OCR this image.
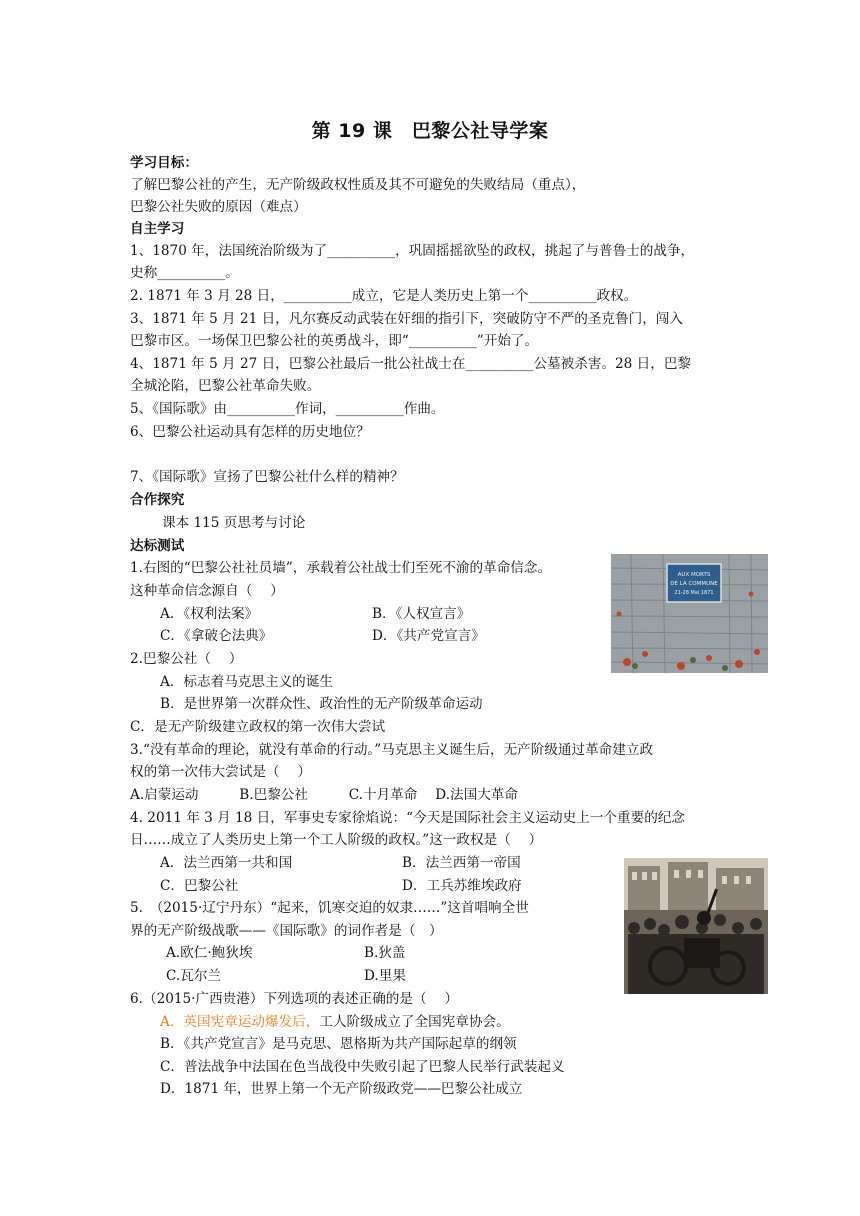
第 19 课　巴黎公社导学案
学习目标：
了解巴黎公社的产生，无产阶级政权性质及其不可避免的失败结局（重点），
巴黎公社失败的原因（难点）
自主学习
1、1870 年，法国统治阶级为了__________，巩固摇摇欲坠的政权，挑起了与普鲁士的战争，
史称__________。
2. 1871 年 3 月 28 日，__________成立，它是人类历史上第一个__________政权。
3、1871 年 5 月 21 日，凡尔赛反动武装在奸细的指引下，突破防守不严的圣克鲁门，闯入
巴黎市区。一场保卫巴黎公社的英勇战斗，即“__________”开始了。
4、1871 年 5 月 27 日，巴黎公社最后一批公社战士在__________公墓被杀害。28 日，巴黎
全城沦陷，巴黎公社革命失败。
5、《国际歌》由__________作词，__________作曲。
6、巴黎公社运动具有怎样的历史地位？
7、《国际歌》宣扬了巴黎公社什么样的精神？
合作探究
课本 115 页思考与讨论
达标测试
1.右图的“巴黎公社社员墙”，承载着公社战士们至死不渝的革命信念。
这种革命信念源自（　 ）
A．《权利法案》	B．《人权宣言》
C．《拿破仑法典》	D．《共产党宣言》
2.巴黎公社（　 ）
A．标志着马克思主义的诞生
B．是世界第一次群众性、政治性的无产阶级革命运动
C．是无产阶级建立政权的第一次伟大尝试
3.“没有革命的理论，就没有革命的行动。”马克思主义诞生后，无产阶级通过革命建立政
权的第一次伟大尝试是（　 ）
A.启蒙运动　　　B.巴黎公社　　　C.十月革命　 D.法国大革命
4. 2011 年 3 月 18 日，军事史专家徐焰说：“今天是国际社会主义运动史上一个重要的纪念
日……成立了人类历史上第一个工人阶级的政权。”这一政权是（　 ）
A．法兰西第一共和国	B．法兰西第一帝国
C．巴黎公社	D．工兵苏维埃政府
5.　（2015·辽宁丹东）“起来，饥寒交迫的奴隶……”这首唱响全世
界的无产阶级战歌——《国际歌》的词作者是（　）
A.欧仁·鲍狄埃	B.狄盖
C.瓦尔兰	D.里果
6.（2015·广西贵港）下列选项的表述正确的是（　 ）
A．英国宪章运动爆发后，工人阶级成立了全国宪章协会。
B．《共产党宣言》是马克思、恩格斯为共产国际起草的纲领
C．普法战争中法国在色当战役中失败引起了巴黎人民举行武装起义
D．1871 年，世界上第一个无产阶级政党——巴黎公社成立
AUX MORTS
DE LA COMMUNE
21-28 Mai 1871
